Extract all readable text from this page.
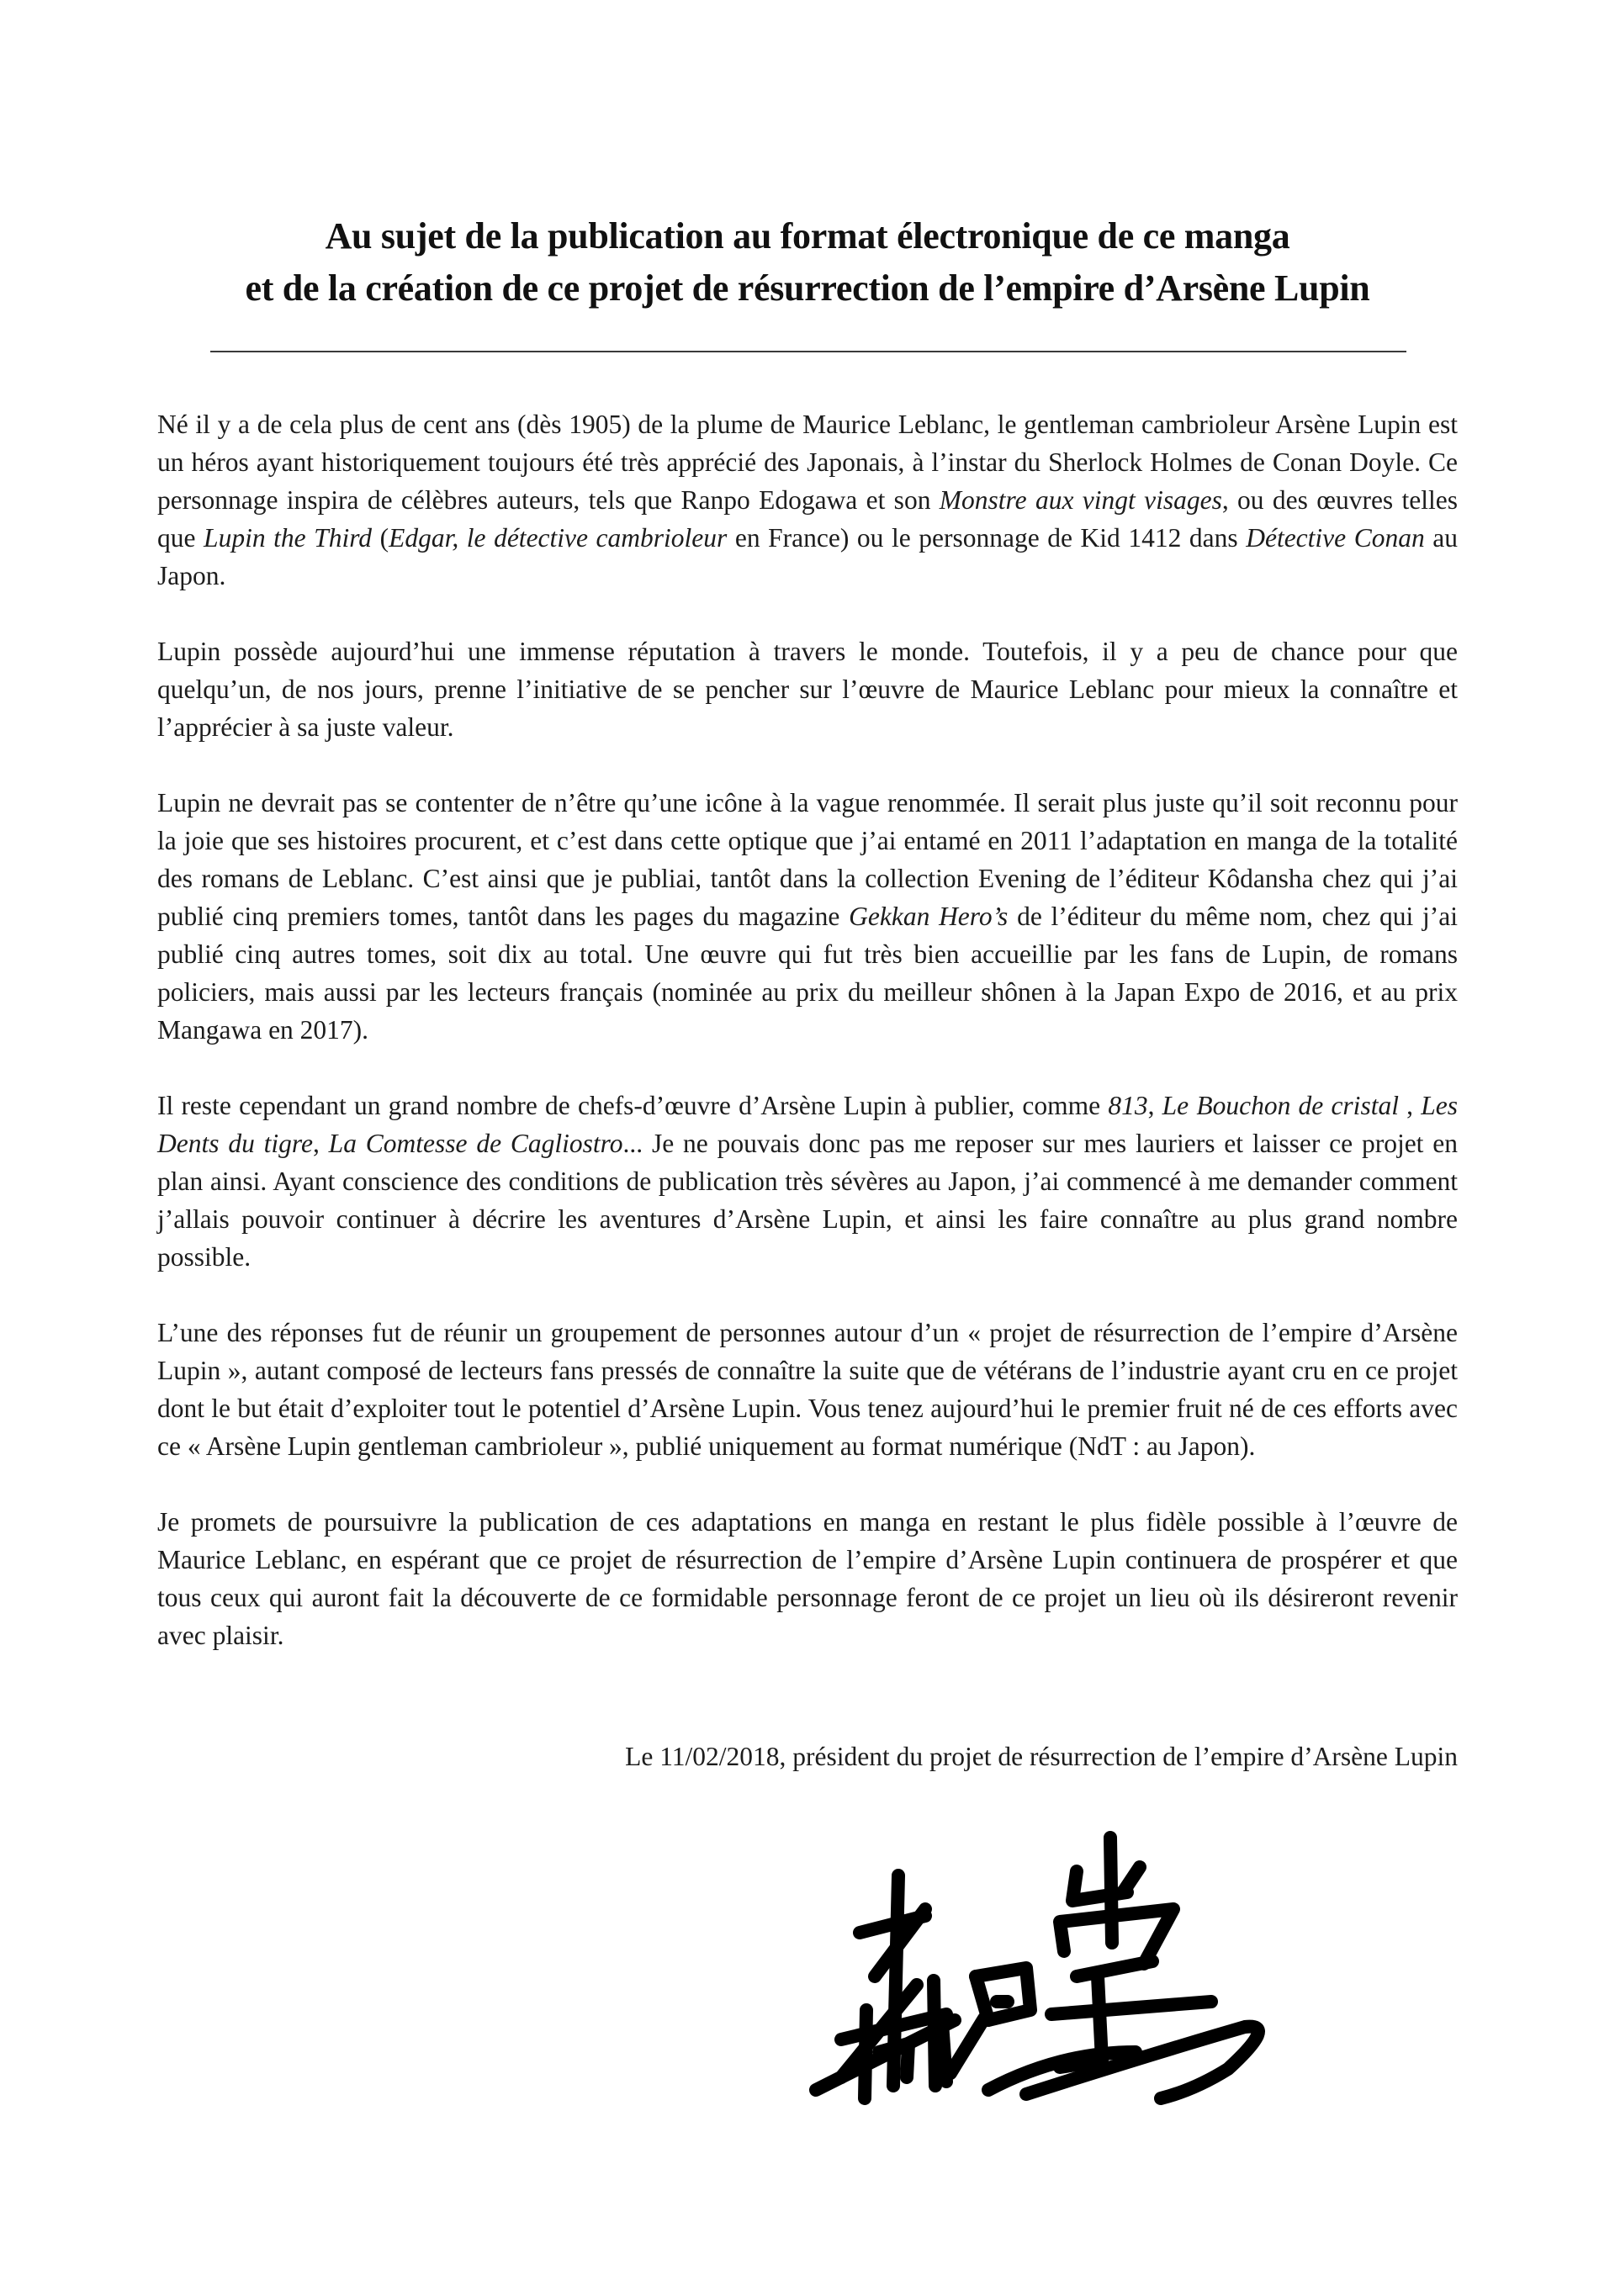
Au sujet de la publication au format électronique de ce manga
et de la création de ce projet de résurrection de l’empire d’Arsène Lupin

Né il y a de cela plus de cent ans (dès 1905) de la plume de Maurice Leblanc, le gentleman cambrioleur Arsène Lupin est un héros ayant historiquement toujours été très apprécié des Japonais, à l’instar du Sherlock Holmes de Conan Doyle. Ce personnage inspira de célèbres auteurs, tels que Ranpo Edogawa et son Monstre aux vingt visages, ou des œuvres telles que Lupin the Third (Edgar, le détective cambrioleur en France) ou le personnage de Kid 1412 dans Détective Conan au Japon.

Lupin possède aujourd’hui une immense réputation à travers le monde. Toutefois, il y a peu de chance pour que quelqu’un, de nos jours, prenne l’initiative de se pencher sur l’œuvre de Maurice Leblanc pour mieux la connaître et l’apprécier à sa juste valeur.

Lupin ne devrait pas se contenter de n’être qu’une icône à la vague renommée. Il serait plus juste qu’il soit reconnu pour la joie que ses histoires procurent, et c’est dans cette optique que j’ai entamé en 2011 l’adaptation en manga de la totalité des romans de Leblanc. C’est ainsi que je publiai, tantôt dans la collection Evening de l’éditeur Kôdansha chez qui j’ai publié cinq premiers tomes, tantôt dans les pages du magazine Gekkan Hero’s de l’éditeur du même nom, chez qui j’ai publié cinq autres tomes, soit dix au total. Une œuvre qui fut très bien accueillie par les fans de Lupin, de romans policiers, mais aussi par les lecteurs français (nominée au prix du meilleur shônen à la Japan Expo de 2016, et au prix Mangawa en 2017).

Il reste cependant un grand nombre de chefs-d’œuvre d’Arsène Lupin à publier, comme 813, Le Bouchon de cristal , Les Dents du tigre, La Comtesse de Cagliostro... Je ne pouvais donc pas me reposer sur mes lauriers et laisser ce projet en plan ainsi. Ayant conscience des conditions de publication très sévères au Japon, j’ai commencé à me demander comment j’allais pouvoir continuer à décrire les aventures d’Arsène Lupin, et ainsi les faire connaître au plus grand nombre possible.

L’une des réponses fut de réunir un groupement de personnes autour d’un « projet de résurrection de l’empire d’Arsène Lupin », autant composé de lecteurs fans pressés de connaître la suite que de vétérans de l’industrie ayant cru en ce projet dont le but était d’exploiter tout le potentiel d’Arsène Lupin. Vous tenez aujourd’hui le premier fruit né de ces efforts avec ce « Arsène Lupin gentleman cambrioleur », publié uniquement au format numérique (NdT : au Japon).

Je promets de poursuivre la publication de ces adaptations en manga en restant le plus fidèle possible à l’œuvre de Maurice Leblanc, en espérant que ce projet de résurrection de l’empire d’Arsène Lupin continuera de prospérer et que tous ceux qui auront fait la découverte de ce formidable personnage feront de ce projet un lieu où ils désireront revenir avec plaisir.

Le 11/02/2018, président du projet de résurrection de l’empire d’Arsène Lupin
